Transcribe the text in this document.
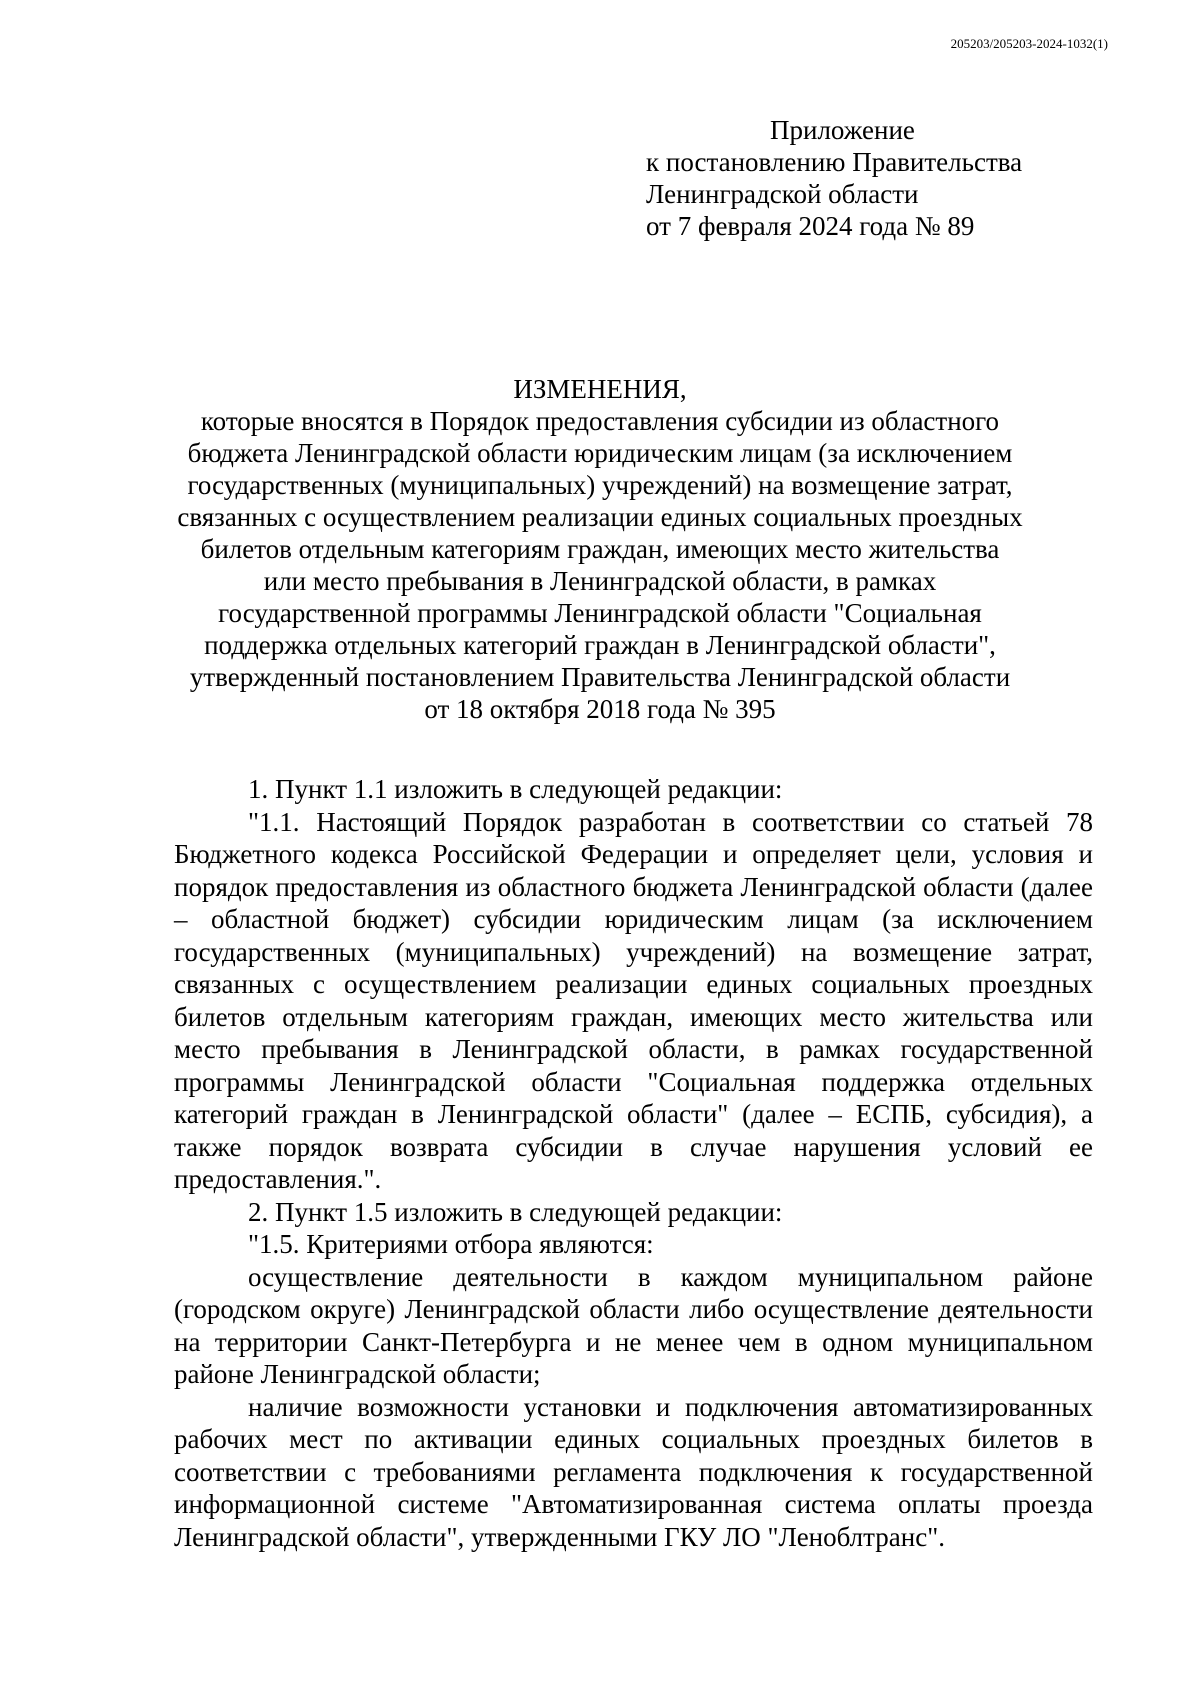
205203/205203-2024-1032(1)
Приложение
к постановлению Правительства
Ленинградской области
от 7 февраля 2024 года № 89
ИЗМЕНЕНИЯ,
которые вносятся в Порядок предоставления субсидии из областного
бюджета Ленинградской области юридическим лицам (за исключением
государственных (муниципальных) учреждений) на возмещение затрат,
связанных с осуществлением реализации единых социальных проездных
билетов отдельным категориям граждан, имеющих место жительства
или место пребывания в Ленинградской области, в рамках
государственной программы Ленинградской области "Социальная
поддержка отдельных категорий граждан в Ленинградской области",
утвержденный постановлением Правительства Ленинградской области
от 18 октября 2018 года № 395

1. Пункт 1.1 изложить в следующей редакции:

"1.1. Настоящий Порядок разработан в соответствии со статьей 78 Бюджетного кодекса Российской Федерации и определяет цели, условия и порядок предоставления из областного бюджета Ленинградской области (далее – областной бюджет) субсидии юридическим лицам (за исключением государственных (муниципальных) учреждений) на возмещение затрат, связанных с осуществлением реализации единых социальных проездных билетов отдельным категориям граждан, имеющих место жительства или место пребывания в Ленинградской области, в рамках государственной программы Ленинградской области "Социальная поддержка отдельных категорий граждан в Ленинградской области" (далее – ЕСПБ, субсидия), а также порядок возврата субсидии в случае нарушения условий ее предоставления.".

2. Пункт 1.5 изложить в следующей редакции:

"1.5. Критериями отбора являются:

осуществление деятельности в каждом муниципальном районе (городском округе) Ленинградской области либо осуществление деятельности на территории Санкт-Петербурга и не менее чем в одном муниципальном районе Ленинградской области;

наличие возможности установки и подключения автоматизированных рабочих мест по активации единых социальных проездных билетов в соответствии с требованиями регламента подключения к государственной информационной системе "Автоматизированная система оплаты проезда Ленинградской области", утвержденными ГКУ ЛО "Леноблтранс".
